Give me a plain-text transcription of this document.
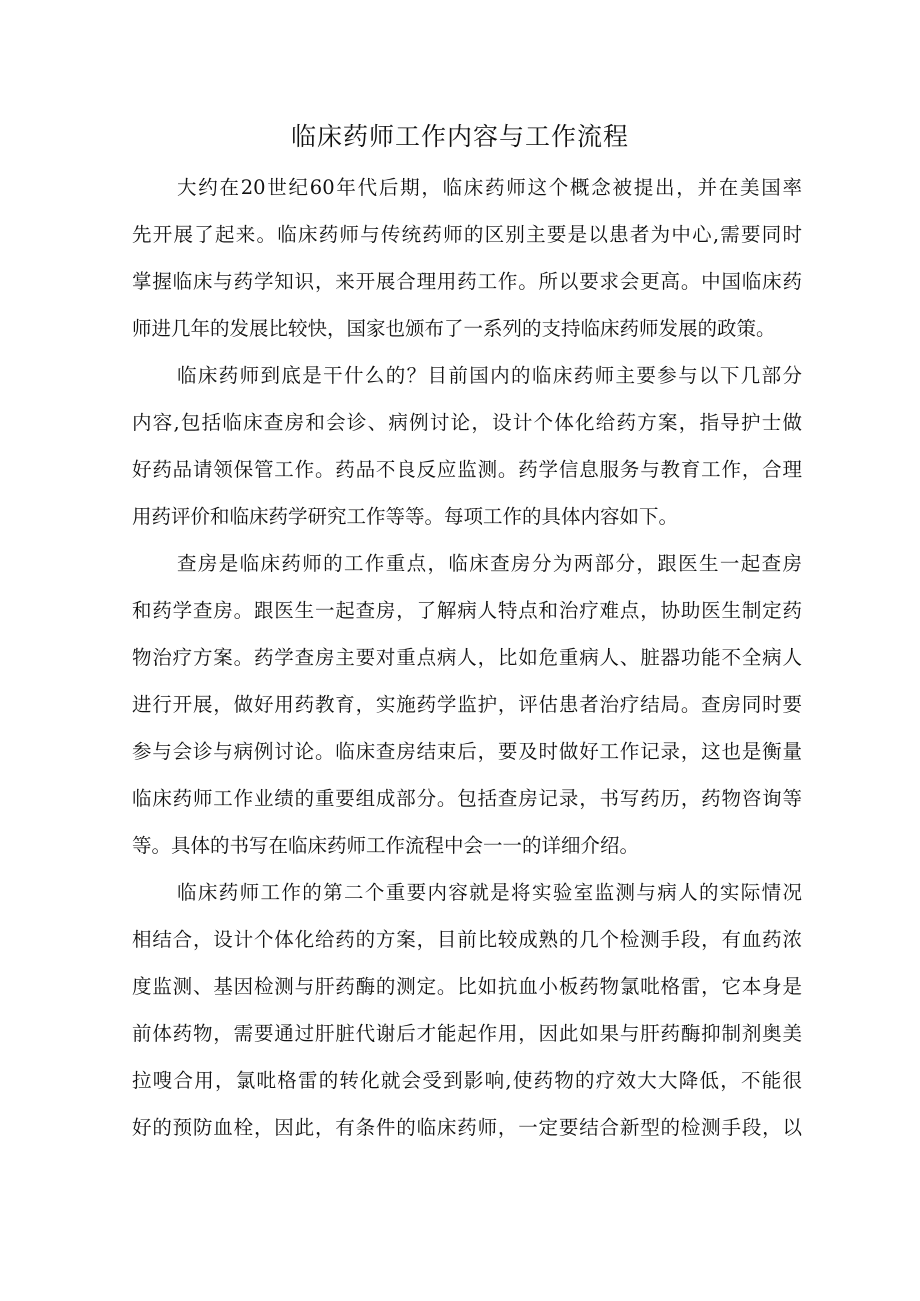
临床药师工作内容与工作流程

大约在20世纪60年代后期，临床药师这个概念被提出，并在美国率

先开展了起来。临床药师与传统药师的区别主要是以患者为中心,需要同时

掌握临床与药学知识，来开展合理用药工作。所以要求会更高。中国临床药

师进几年的发展比较快，国家也颁布了一系列的支持临床药师发展的政策。

临床药师到底是干什么的？目前国内的临床药师主要参与以下几部分

内容,包括临床查房和会诊、病例讨论，设计个体化给药方案，指导护士做

好药品请领保管工作。药品不良反应监测。药学信息服务与教育工作，合理

用药评价和临床药学研究工作等等。每项工作的具体内容如下。

查房是临床药师的工作重点，临床查房分为两部分，跟医生一起查房

和药学查房。跟医生一起查房，了解病人特点和治疗难点，协助医生制定药

物治疗方案。药学查房主要对重点病人，比如危重病人、脏器功能不全病人

进行开展，做好用药教育，实施药学监护，评估患者治疗结局。查房同时要

参与会诊与病例讨论。临床查房结束后，要及时做好工作记录，这也是衡量

临床药师工作业绩的重要组成部分。包括查房记录，书写药历，药物咨询等

等。具体的书写在临床药师工作流程中会一一的详细介绍。

临床药师工作的第二个重要内容就是将实验室监测与病人的实际情况

相结合，设计个体化给药的方案，目前比较成熟的几个检测手段，有血药浓

度监测、基因检测与肝药酶的测定。比如抗血小板药物氯吡格雷，它本身是

前体药物，需要通过肝脏代谢后才能起作用，因此如果与肝药酶抑制剂奥美

拉嗖合用，氯吡格雷的转化就会受到影响,使药物的疗效大大降低，不能很

好的预防血栓，因此，有条件的临床药师，一定要结合新型的检测手段，以
